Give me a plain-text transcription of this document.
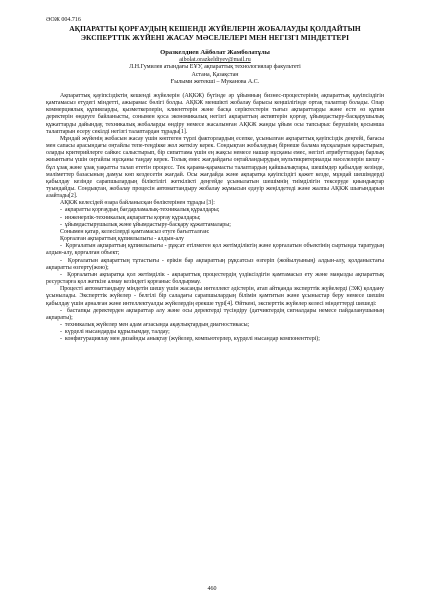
ӘОЖ 004.716

АҚПАРАТТЫ ҚОРҒАУДЫҢ КЕШЕНДІ ЖҮЙЕЛЕРІН ЖОБАЛАУДЫ ҚОЛДАЙТЫН
ЭКСПЕРТТІК ЖҮЙЕНІ ЖАСАУ МӘСЕЛЕЛЕРІ МЕН НЕГІЗГІ МІНДЕТТЕРІ

Оразкелдиев Айболат Жамболатұлы

aibolat.orazkeldiyev@mail.ru

Л.Н.Гумилев атындағы ЕҰУ, ақпараттық технологиялар факультеті

Астана, Қазақстан

Ғылыми жетекші – Муканова А.С.

Ақпараттық қауіпсіздіктің кешенді жүйелерін (АҚКЖ) бүгінде әр ұйымның бизнес-процестерінің ақпараттық қауіпсіздігін қамтамасыз етудегі міндетті, ажырамас бөлігі болды. АҚКЖ меншікті жобалау барысы кеңшілігінде ортақ талаптар болады. Олар коммерциялық құпияларды, қызметкерлерін, клиенттерін және басқа серіктестерін тығыз ақпараттарды және есте өз құпия деректерін өндеуге байланысты, сонымен қоса экономикалық негізгі ақпараттың активтерін қорғау, ұйымдастыру-басқарушылық құжаттарды дайындау, техникалық жобаларды өндіру немесе жасалынған АҚКЖ жанды ұйым осы тапсырыс берушінің қосымша талаптарын есеру секілді негізгі талаптардан тұрады[1].

Мұндай жүйенің жобасын жасау үшін көптеген түрлі факторлардың есепке, ұсынылған ақпараттық қауіпсіздік деңгейі, бағасы мен сапасы арасындағы оңтайлы тепе-теңдікке жол жеткізу керек. Сондықтан жобалаудың бірнеше балама нұсқаларын қарастырып, оларды критерийлерге сайкес салыстырып, бір сипаттама үшін ең жақсы немесе нашар нұсқаны емес, негізгі атрибуттардың барлық жиынтығы үшін оңтайлы нұсқаны таңдау керек. Толық емес жағдайдағы оңтайландырудың мультикритериалды мәселелерін шешу - бұл ұзақ және ұзақ уақытты талап ететін процесс. Тек қарама-қарамасты талаптардың қайшылықтары, шешімдер қабылдау кезінде, мәліметтер базасының дамуы көп кездесетін жағдай. Осы жағдайда және ақпаратқа қауіпсіздігі қажет кезде, мұндай шешімдерді қабылдау кезінде сарапшылардың біліктілігі жеткілікті деңгейде ұсынылатын шешімнің тиімділігін тексеруде қиындықтар туындайды. Сондықтан, жобалау процесін автоматтандыру жобалау жұмысын едәуір жеңілдетеді және жалпы АҚКЖ шығындарын азайтады[2].

АҚКЖ келесідей өзара байланысқан бөліктерінен тұрады [3]:

-  ақпаратты қорғаудың бағдарламалық-техникалық құралдары;

-  инженерлік-техникалық ақпаратты қорғау құралдары;

-  ұйымдастырушылық және ұйымдастыру-басқару құжаттамалары;

Сонымен қатар, келесілерді қамтамасыз етуге бағытталған:

Қорғалған ақпараттың құпиялылығы - алдын-алу

-  Қорғалатын ақпараттың құпиялылығы - рұқсат етілмеген қол жетімділіктің және қорғалатын объектінің сыртында таратудың алдын-алу, қорғалған объект;

-  Қорғалатын ақпараттың тұтастығы - ерікін бар ақпараттың рұқсатсыз өзгеріп (жойылуының) алдын-алу, қолданыстағы ақпаратты өзгерту(жою);

-  Қорғалатын ақпаратқа қол жетімділік - ақпараттық процестердің үздіксіздігін қамтамасыз ету және маңызды ақпараттық ресурстарға қол жеткізе алмау кезіндегі қорғаныс болдырмау.

Процесті автоматтандыру міндетін шешу үшін жасанды интеллект әдістерін, атап айтқанда эксперттік жүйелерді (ЭЖ) қолдану ұсынылады. Эксперттік жүйелер - белгілі бір саладағы сарапшылардың білімін қамтитын және ұсыныстар беру немесе шешім қабылдау үшін арналған және интеллектуалды жүйелердің ерекше түрі[4]. Өйткені, эксперттік жүйелер келесі міндеттерді шешеді:

-  бастапқы деректерден ақпараттар алу және осы деректерді түсіндіру (датчиктердің сигналдары немесе пайдаланушының ақпараты);

-  техникалық жүйелер мен адам ағзасында ақаулықтардың диагностикасы;

-  күрделі нысандарды құрылымдау, талдау;

-  конфигурациялау мен дизайнды анықтау (жүйелер, компьютерлер, күрделі нысандар компоненттері);

460
